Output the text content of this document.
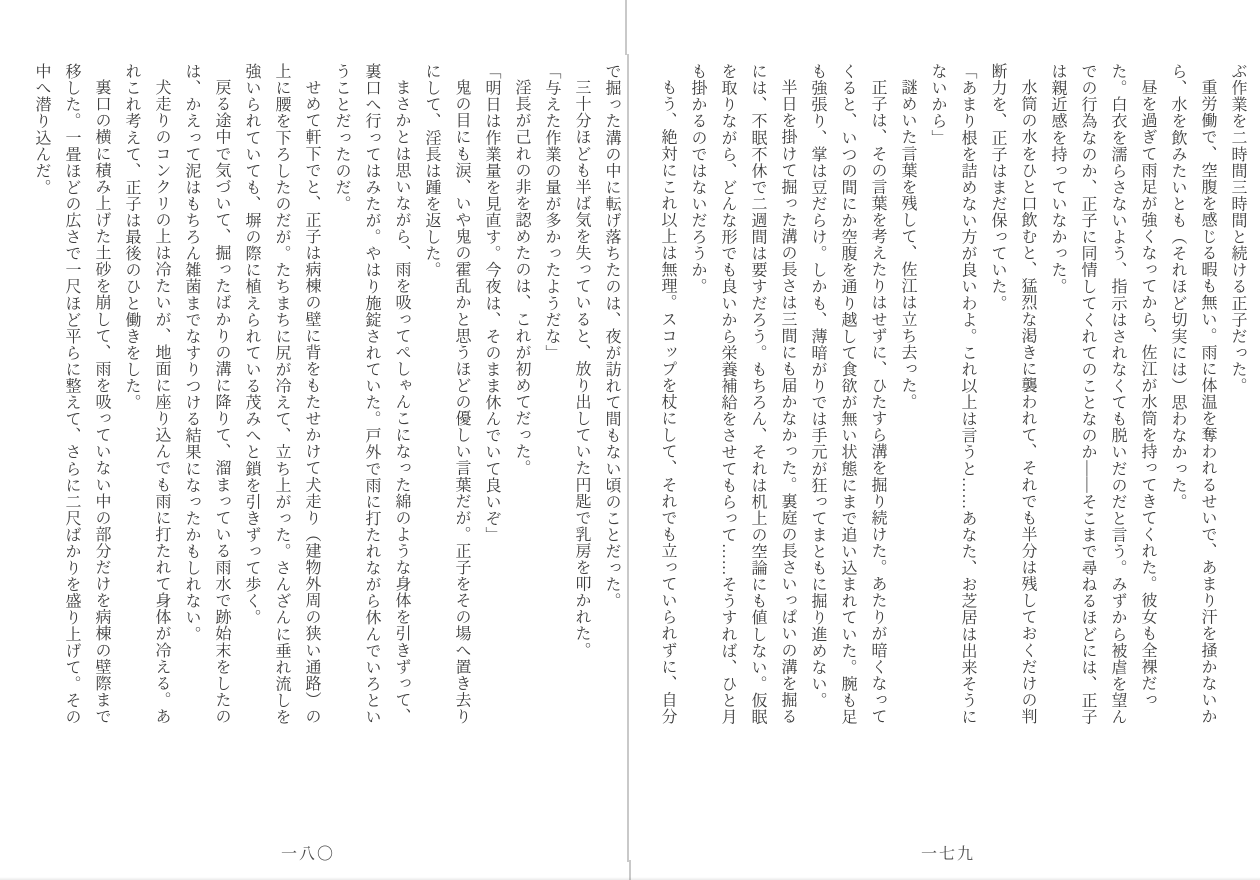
ぶ作業を二時間三時間と続ける正子だった。

重労働で、空腹を感じる暇も無い。雨に体温を奪われるせいで、あまり汗を掻かないから、水を飲みたいとも（それほど切実には）思わなかった。

昼を過ぎて雨足が強くなってから、佐江が水筒を持ってきてくれた。彼女も全裸だった。白衣を濡らさないよう、指示はされなくても脱いだのだと言う。みずから被虐を望んでの行為なのか、正子に同情してくれてのことなのか――そこまで尋ねるほどには、正子は親近感を持っていなかった。

水筒の水をひと口飲むと、猛烈な渇きに襲われて、それでも半分は残しておくだけの判断力を、正子はまだ保っていた。

「あまり根を詰めない方が良いわよ。これ以上は言うと……あなた、お芝居は出来そうにないから」

謎めいた言葉を残して、佐江は立ち去った。

正子は、その言葉を考えたりはせずに、ひたすら溝を掘り続けた。あたりが暗くなってくると、いつの間にか空腹を通り越して食欲が無い状態にまで追い込まれていた。腕も足も強張り、掌は豆だらけ。しかも、薄暗がりでは手元が狂ってまともに掘り進めない。

半日を掛けて掘った溝の長さは三間にも届かなかった。裏庭の長さいっぱいの溝を掘るには、不眠不休で二週間は要すだろう。もちろん、それは机上の空論にも値しない。仮眠を取りながら、どんな形でも良いから栄養補給をさせてもらって……そうすれば、ひと月も掛かるのではないだろうか。

もう、絶対にこれ以上は無理。スコップを杖にして、それでも立っていられずに、自分

一七九

で掘った溝の中に転げ落ちたのは、夜が訪れて間もない頃のことだった。

三十分ほども半ば気を失っていると、放り出していた円匙で乳房を叩かれた。

「与えた作業の量が多かったようだな」

淫長が己れの非を認めたのは、これが初めてだった。

「明日は作業量を見直す。今夜は、そのまま休んでいて良いぞ」

鬼の目にも涙、いや鬼の霍乱かと思うほどの優しい言葉だが。正子をその場へ置き去りにして、淫長は踵を返した。

まさかとは思いながら、雨を吸ってぺしゃんこになった綿のような身体を引きずって、裏口へ行ってはみたが。やはり施錠されていた。戸外で雨に打たれながら休んでいろということだったのだ。

せめて軒下でと、正子は病棟の壁に背をもたせかけて犬走り（建物外周の狭い通路）の上に腰を下ろしたのだが。たちまちに尻が冷えて、立ち上がった。さんざんに垂れ流しを強いられていても、塀の際に植えられている茂みへと鎖を引きずって歩く。

戻る途中で気づいて、掘ったばかりの溝に降りて、溜まっている雨水で跡始末をしたのは、かえって泥はもちろん雑菌までなすりつける結果になったかもしれない。

犬走りのコンクリの上は冷たいが、地面に座り込んでも雨に打たれて身体が冷える。あれこれ考えて、正子は最後のひと働きをした。

裏口の横に積み上げた土砂を崩して、雨を吸っていない中の部分だけを病棟の壁際まで移した。一畳ほどの広さで一尺ほど平らに整えて、さらに二尺ばかりを盛り上げて。その中へ潜り込んだ。

一八〇
